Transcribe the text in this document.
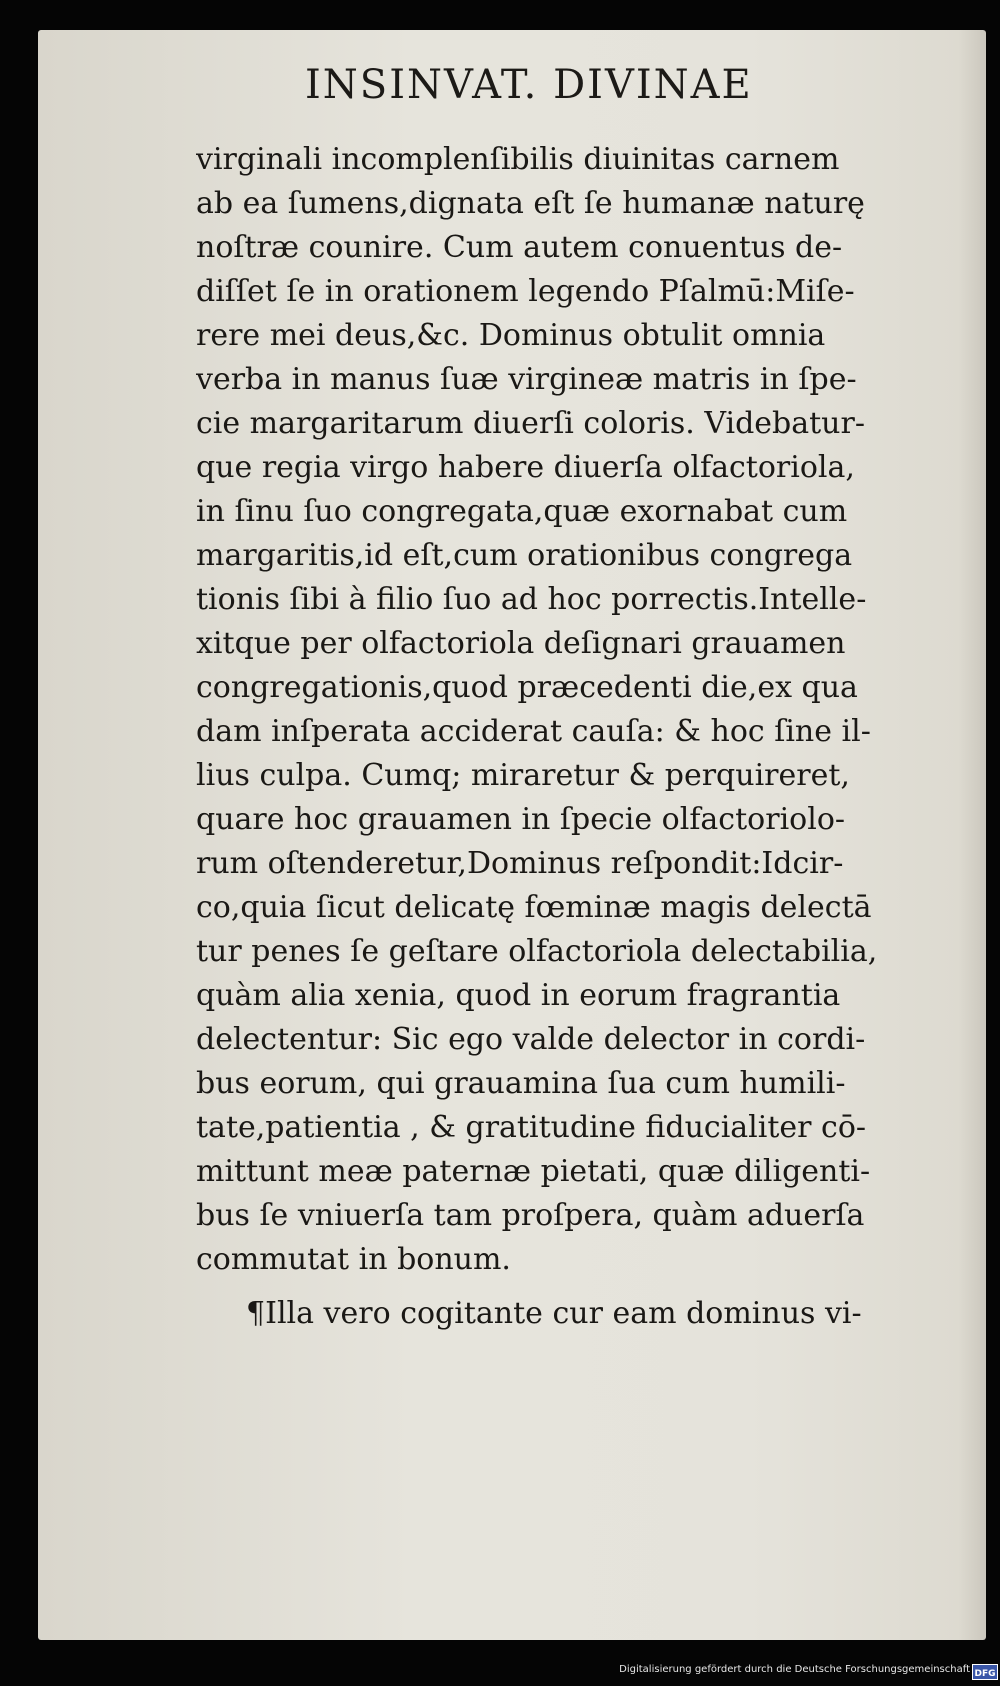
INSINVAT. DIVINAE
virginali incomplenſibilis diuinitas carnem
ab ea ſumens,dignata eſt ſe humanæ naturę
noſtræ counire. Cum autem conuentus de-
diſſet ſe in orationem legendo Pſalmū:Miſe-
rere mei deus,&c. Dominus obtulit omnia
verba in manus ſuæ virgineæ matris in ſpe-
cie margaritarum diuerſi coloris. Videbatur-
que regia virgo habere diuerſa olfactoriola,
in ſinu ſuo congregata,quæ exornabat cum
margaritis,id eſt,cum orationibus congrega
tionis ſibi à filio ſuo ad hoc porrectis.Intelle-
xitque per olfactoriola deſignari grauamen
congregationis,quod præcedenti die,ex qua
dam inſperata acciderat cauſa: & hoc ſine il-
lius culpa. Cumq; miraretur & perquireret,
quare hoc grauamen in ſpecie olfactoriolo-
rum oſtenderetur,Dominus reſpondit:Idcir-
co,quia ſicut delicatę fœminæ magis delectā
tur penes ſe geſtare olfactoriola delectabilia,
quàm alia xenia, quod in eorum fragrantia
delectentur: Sic ego valde delector in cordi-
bus eorum, qui grauamina ſua cum humili-
tate,patientia , & gratitudine fiducialiter cō-
mittunt meæ paternæ pietati, quæ diligenti-
bus ſe vniuerſa tam proſpera, quàm aduerſa
commutat in bonum.
¶Illa vero cogitante cur eam dominus vi-
Digitalisierung gefördert durch die Deutsche Forschungsgemeinschaft DFG
